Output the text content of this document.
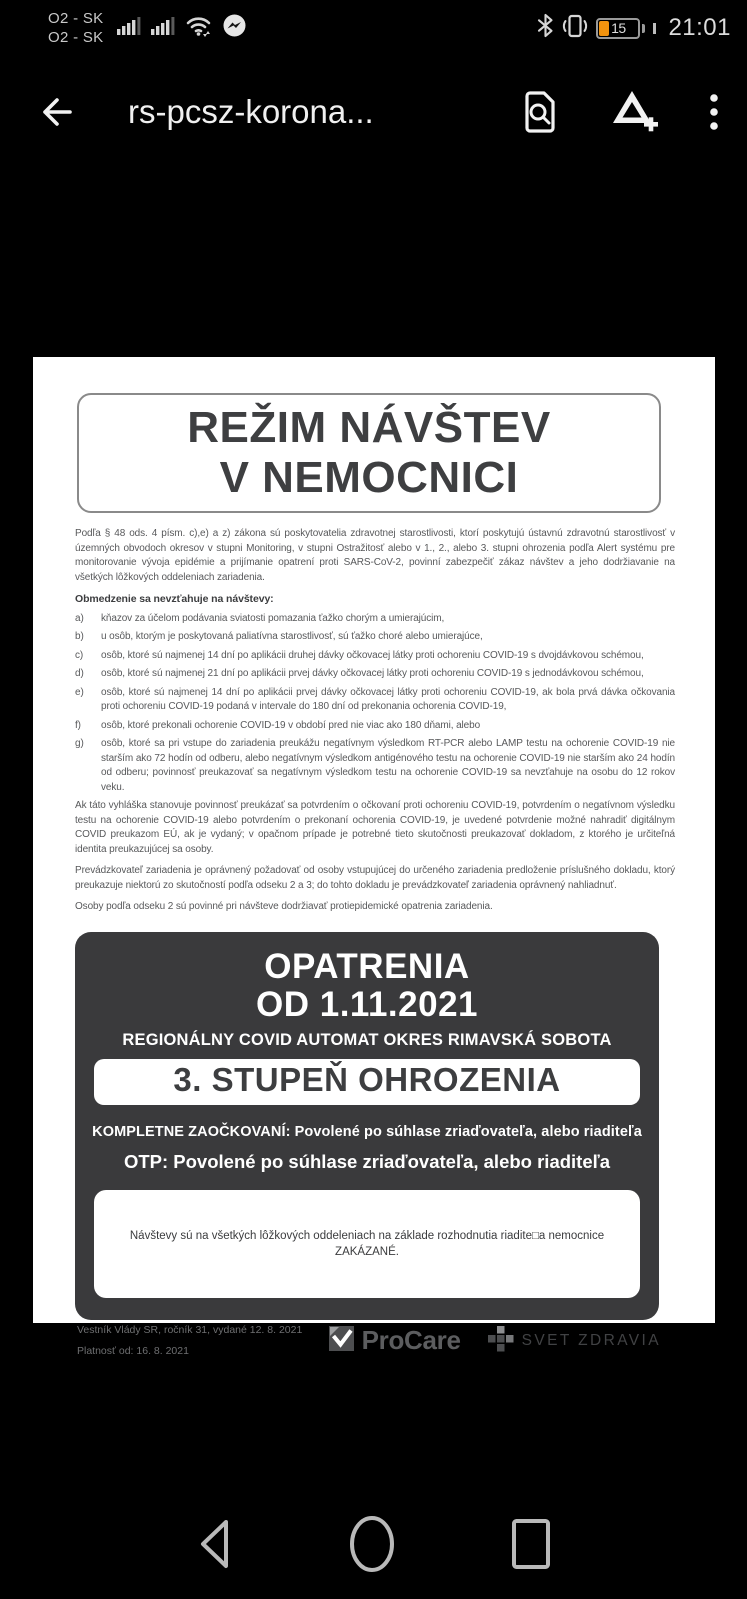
O2 - SK
O2 - SK
15 21:01
rs-pcsz-korona...
REŽIM NÁVŠTEV
V NEMOCNICI

Podľa § 48 ods. 4 písm. c),e) a z) zákona sú poskytovatelia zdravotnej starostlivosti, ktorí poskytujú ústavnú zdravotnú starostlivosť v územných obvodoch okresov v stupni Monitoring, v stupni Ostražitosť alebo v 1., 2., alebo 3. stupni ohrozenia podľa Alert systému pre monitorovanie vývoja epidémie a prijímanie opatrení proti SARS-CoV-2, povinní zabezpečiť zákaz návštev a jeho dodržiavanie na všetkých lôžkových oddeleniach zariadenia.

Obmedzenie sa nevzťahuje na návštevy:
a)	kňazov za účelom podávania sviatosti pomazania ťažko chorým a umierajúcim,
b)	u osôb, ktorým je poskytovaná paliatívna starostlivosť, sú ťažko choré alebo umierajúce,
c)	osôb, ktoré sú najmenej 14 dní po aplikácii druhej dávky očkovacej látky proti ochoreniu COVID-19 s dvojdávkovou schémou,
d)	osôb, ktoré sú najmenej 21 dní po aplikácii prvej dávky očkovacej látky proti ochoreniu COVID-19 s jednodávkovou schémou,
e)	osôb, ktoré sú najmenej 14 dní po aplikácii prvej dávky očkovacej látky proti ochoreniu COVID-19, ak bola prvá dávka očkovania proti ochoreniu COVID-19 podaná v intervale do 180 dní od prekonania ochorenia COVID-19,
f)	osôb, ktoré prekonali ochorenie COVID-19 v období pred nie viac ako 180 dňami, alebo
g)	osôb, ktoré sa pri vstupe do zariadenia preukážu negatívnym výsledkom RT-PCR alebo LAMP testu na ochorenie COVID-19 nie starším ako 72 hodín od odberu, alebo negatívnym výsledkom antigénového testu na ochorenie COVID-19 nie starším ako 24 hodín od odberu; povinnosť preukazovať sa negatívnym výsledkom testu na ochorenie COVID-19 sa nevzťahuje na osobu do 12 rokov veku.

Ak táto vyhláška stanovuje povinnosť preukázať sa potvrdením o očkovaní proti ochoreniu COVID-19, potvrdením o negatívnom výsledku testu na ochorenie COVID-19 alebo potvrdením o prekonaní ochorenia COVID-19, je uvedené potvrdenie možné nahradiť digitálnym COVID preukazom EÚ, ak je vydaný; v opačnom prípade je potrebné tieto skutočnosti preukazovať dokladom, z ktorého je určiteľná identita preukazujúcej sa osoby.

Prevádzkovateľ zariadenia je oprávnený požadovať od osoby vstupujúcej do určeného zariadenia predloženie príslušného dokladu, ktorý preukazuje niektorú zo skutočností podľa odseku 2 a 3; do tohto dokladu je prevádzkovateľ zariadenia oprávnený nahliadnuť.

Osoby podľa odseku 2 sú povinné pri návšteve dodržiavať protiepidemické opatrenia zariadenia.

OPATRENIA
OD 1.11.2021
REGIONÁLNY COVID AUTOMAT OKRES RIMAVSKÁ SOBOTA
3. STUPEŇ OHROZENIA
KOMPLETNE ZAOČKOVANÍ: Povolené po súhlase zriaďovateľa, alebo riaditeľa
OTP: Povolené po súhlase zriaďovateľa, alebo riaditeľa
Návštevy sú na všetkých lôžkových oddeleniach na základe rozhodnutia riadite□a nemocnice
ZAKÁZANÉ.
Vestník Vlády SR, ročník 31, vydané 12. 8. 2021
Platnosť od: 16. 8. 2021	ProCare	SVET ZDRAVIA
